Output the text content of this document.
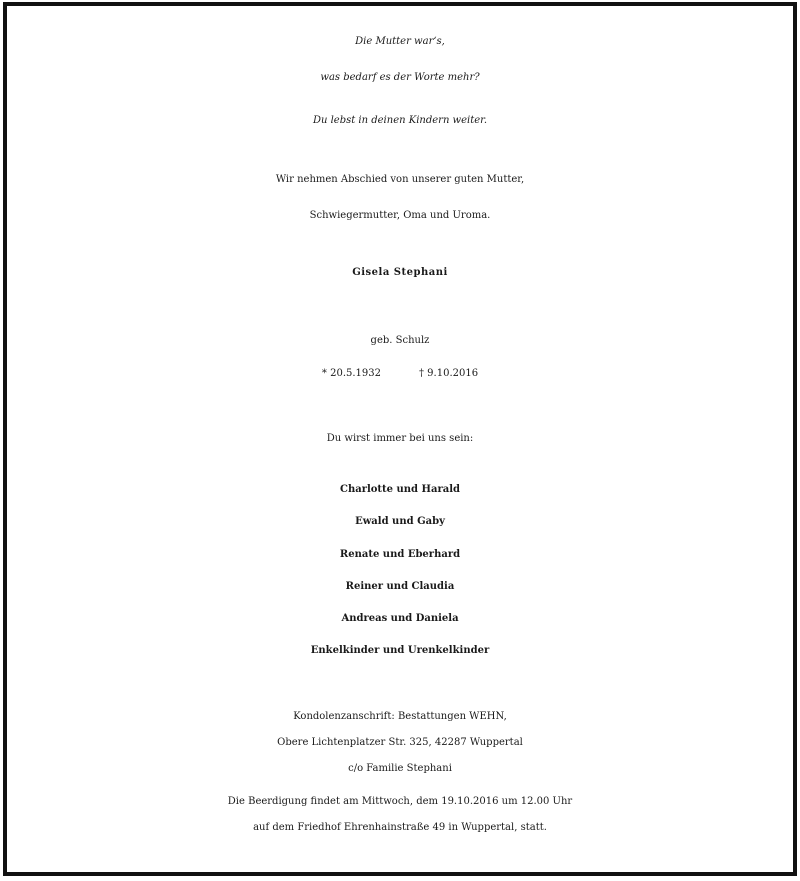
Die Mutter war‘s,
was bedarf es der Worte mehr?
Du lebst in deinen Kindern weiter.
Wir nehmen Abschied von unserer guten Mutter,
Schwiegermutter, Oma und Uroma.
Gisela Stephani
geb. Schulz
* 20.5.1932	† 9.10.2016
Du wirst immer bei uns sein:
Charlotte und Harald
Ewald und Gaby
Renate und Eberhard
Reiner und Claudia
Andreas und Daniela
Enkelkinder und Urenkelkinder
Kondolenzanschrift: Bestattungen WEHN,
Obere Lichtenplatzer Str. 325, 42287 Wuppertal
c/o Familie Stephani
Die Beerdigung findet am Mittwoch, dem 19.10.2016 um 12.00 Uhr
auf dem Friedhof Ehrenhainstraße 49 in Wuppertal, statt.
